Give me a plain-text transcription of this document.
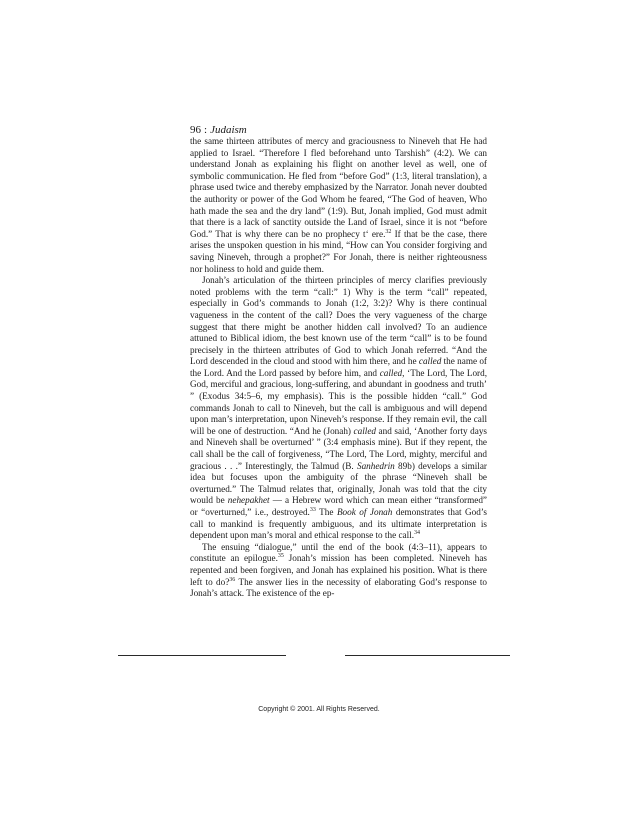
96 : Judaism

the same thirteen attributes of mercy and graciousness to Nineveh that He had applied to Israel. “Therefore I fled beforehand unto Tarshish” (4:2). We can understand Jonah as explaining his flight on another level as well, one of symbolic communication. He fled from “before God” (1:3, literal translation), a phrase used twice and thereby emphasized by the Narrator. Jonah never doubted the authority or power of the God Whom he feared, “The God of heaven, Who hath made the sea and the dry land” (1:9). But, Jonah implied, God must admit that there is a lack of sanctity outside the Land of Israel, since it is not “before God.” That is why there can be no prophecy t‘ ere.$^{32}$ If that be the case, there arises the unspoken question in his mind, “How can You consider forgiving and saving Nineveh, through a prophet?” For Jonah, there is neither righteousness nor holiness to hold and guide them.

Jonah’s articulation of the thirteen principles of mercy clarifies previously noted problems with the term “call:” 1) Why is the term “call” repeated, especially in God’s commands to Jonah (1:2, 3:2)? Why is there continual vagueness in the content of the call? Does the very vagueness of the charge suggest that there might be another hidden call involved? To an audience attuned to Biblical idiom, the best known use of the term “call” is to be found precisely in the thirteen attributes of God to which Jonah referred. “And the Lord descended in the cloud and stood with him there, and he called the name of the Lord. And the Lord passed by before him, and called, ‘The Lord, The Lord, God, merciful and gracious, long-suffering, and abundant in goodness and truth’ ” (Exodus 34:5–6, my emphasis). This is the possible hidden “call.” God commands Jonah to call to Nineveh, but the call is ambiguous and will depend upon man’s interpretation, upon Nineveh’s response. If they remain evil, the call will be one of destruction. “And he (Jonah) called and said, ‘Another forty days and Nineveh shall be overturned’ ” (3:4 emphasis mine). But if they repent, the call shall be the call of forgiveness, “The Lord, The Lord, mighty, merciful and gracious . . .” Interestingly, the Talmud (B. Sanhedrin 89b) develops a similar idea but focuses upon the ambiguity of the phrase “Nineveh shall be overturned.” The Talmud relates that, originally, Jonah was told that the city would be nehepakhet — a Hebrew word which can mean either “transformed” or “overturned,” i.e., destroyed.$^{33}$ The Book of Jonah demonstrates that God’s call to mankind is frequently ambiguous, and its ultimate interpretation is dependent upon man’s moral and ethical response to the call.$^{34}$

The ensuing “dialogue,” until the end of the book (4:3–11), appears to constitute an epilogue.$^{35}$ Jonah’s mission has been completed. Nineveh has repented and been forgiven, and Jonah has explained his position. What is there left to do?$^{36}$ The answer lies in the necessity of elaborating God’s response to Jonah’s attack. The existence of the ep-

Copyright © 2001. All Rights Reserved.
